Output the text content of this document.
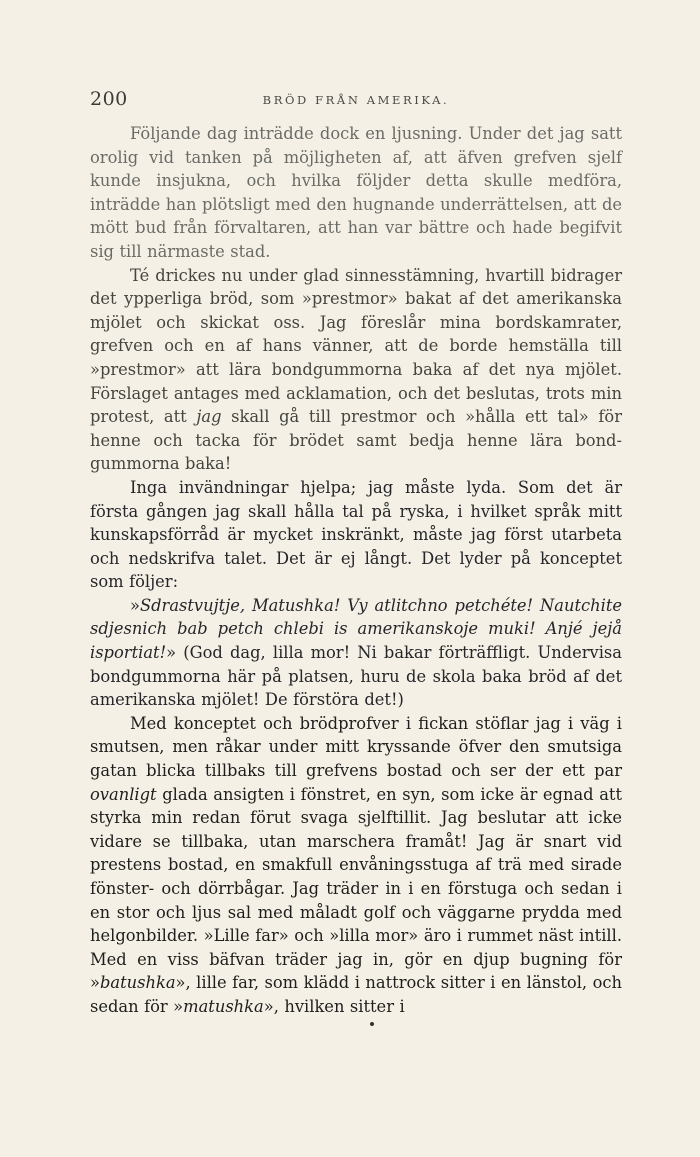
200	BRÖD FRÅN AMERIKA.

Följande dag inträdde dock en ljusning. Under det jag satt orolig vid tanken på möjligheten af, att äfven grefven sjelf kunde insjukna, och hvilka följder detta skulle medföra, inträdde han plötsligt med den hugnande underrättelsen, att de mött bud från förvaltaren, att han var bättre och hade begifvit sig till närmaste stad.

Té drickes nu under glad sinnesstämning, hvartill bidrager det ypperliga bröd, som »prestmor» bakat af det amerikanska mjölet och skickat oss. Jag föreslår mina bordskamrater, grefven och en af hans vänner, att de borde hemställa till »prestmor» att lära bondgummorna baka af det nya mjölet. Förslaget antages med acklamation, och det beslutas, trots min protest, att jag skall gå till prestmor och »hålla ett tal» för henne och tacka för brödet samt bedja henne lära bondgummorna baka!

Inga invändningar hjelpa; jag måste lyda. Som det är första gången jag skall hålla tal på ryska, i hvilket språk mitt kunskapsförråd är mycket inskränkt, måste jag först utarbeta och nedskrifva talet. Det är ej långt. Det lyder på konceptet som följer:

»Sdrastvujtje, Matushka! Vy atlitchno petchéte! Nautchite sdjesnich bab petch chlebi is amerikanskoje muki! Anjé jejå isportiat!» (God dag, lilla mor! Ni bakar förträffligt. Undervisa bondgummorna här på platsen, huru de skola baka bröd af det amerikanska mjölet! De förstöra det!)

Med konceptet och brödprofver i fickan stöflar jag i väg i smutsen, men råkar under mitt kryssande öfver den smutsiga gatan blicka tillbaks till grefvens bostad och ser der ett par ovanligt glada ansigten i fönstret, en syn, som icke är egnad att styrka min redan förut svaga sjelftillit. Jag beslutar att icke vidare se tillbaka, utan marschera framåt! Jag är snart vid prestens bostad, en smakfull envåningsstuga af trä med sirade fönster- och dörrbågar. Jag träder in i en förstuga och sedan i en stor och ljus sal med måladt golf och väggarne prydda med helgonbilder. »Lille far» och »lilla mor» äro i rummet näst intill. Med en viss bäfvan träder jag in, gör en djup bugning för »batushka», lille far, som klädd i nattrock sitter i en länstol, och sedan för »matushka», hvilken sitter i
